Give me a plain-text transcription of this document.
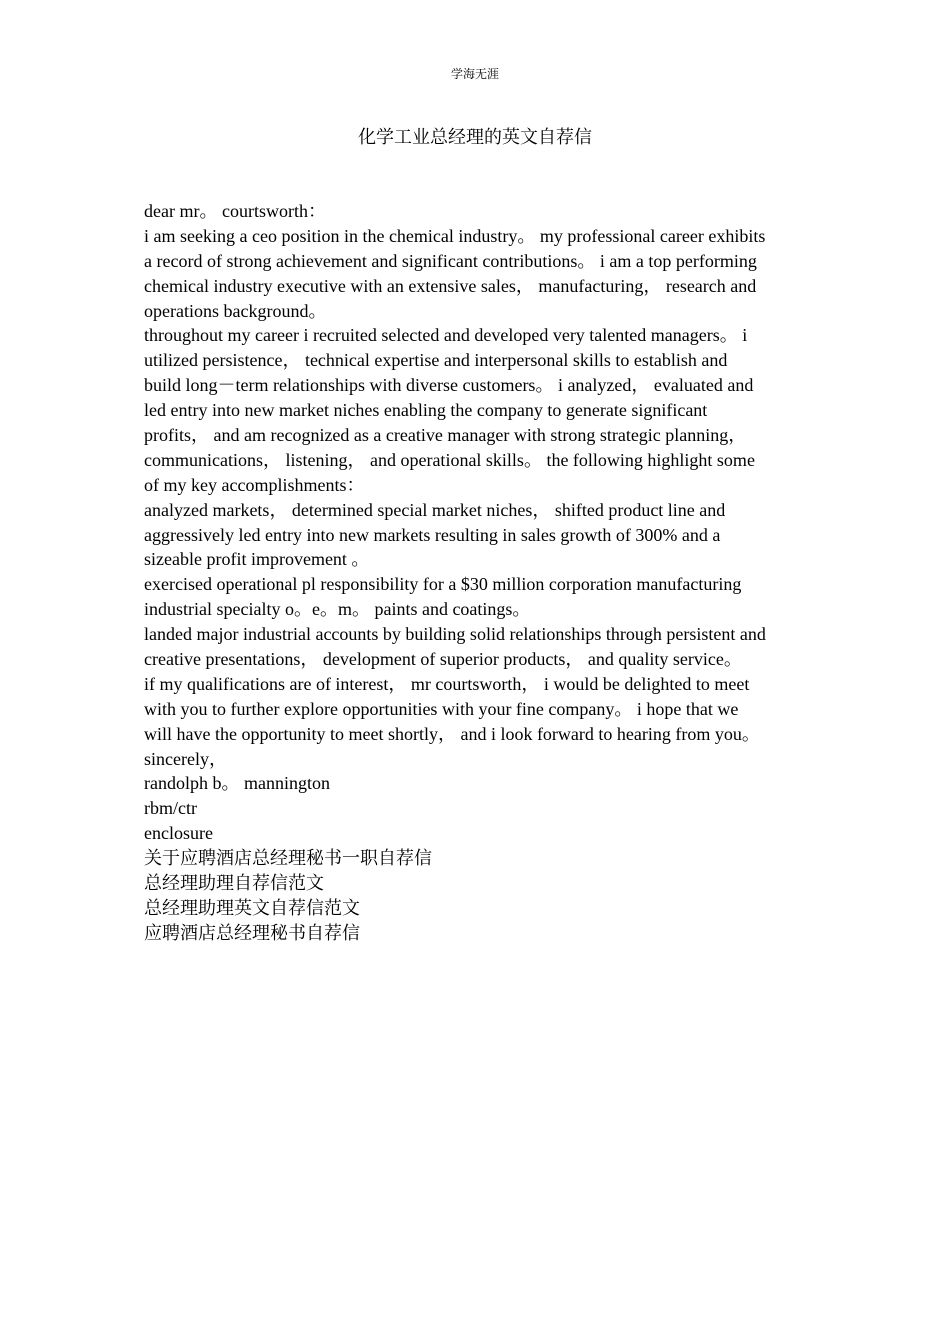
学海无涯
化学工业总经理的英文自荐信
dear mr。 courtsworth：
i am seeking a ceo position in the chemical industry。 my professional career exhibits
a record of strong achievement and significant contributions。 i am a top performing
chemical industry executive with an extensive sales， manufacturing， research and
operations background。
throughout my career i recruited selected and developed very talented managers。 i
utilized persistence， technical expertise and interpersonal skills to establish and
build long－term relationships with diverse customers。 i analyzed， evaluated and
led entry into new market niches enabling the company to generate significant
profits， and am recognized as a creative manager with strong strategic planning，
communications， listening， and operational skills。 the following highlight some
of my key accomplishments：
analyzed markets， determined special market niches， shifted product line and
aggressively led entry into new markets resulting in sales growth of 300% and a
sizeable profit improvement 。
exercised operational pl responsibility for a $30 million corporation manufacturing
industrial specialty o。e。m。 paints and coatings。
landed major industrial accounts by building solid relationships through persistent and
creative presentations， development of superior products， and quality service。
if my qualifications are of interest， mr courtsworth， i would be delighted to meet
with you to further explore opportunities with your fine company。 i hope that we
will have the opportunity to meet shortly， and i look forward to hearing from you。
sincerely，
randolph b。 mannington
rbm/ctr
enclosure
关于应聘酒店总经理秘书一职自荐信
总经理助理自荐信范文
总经理助理英文自荐信范文
应聘酒店总经理秘书自荐信
